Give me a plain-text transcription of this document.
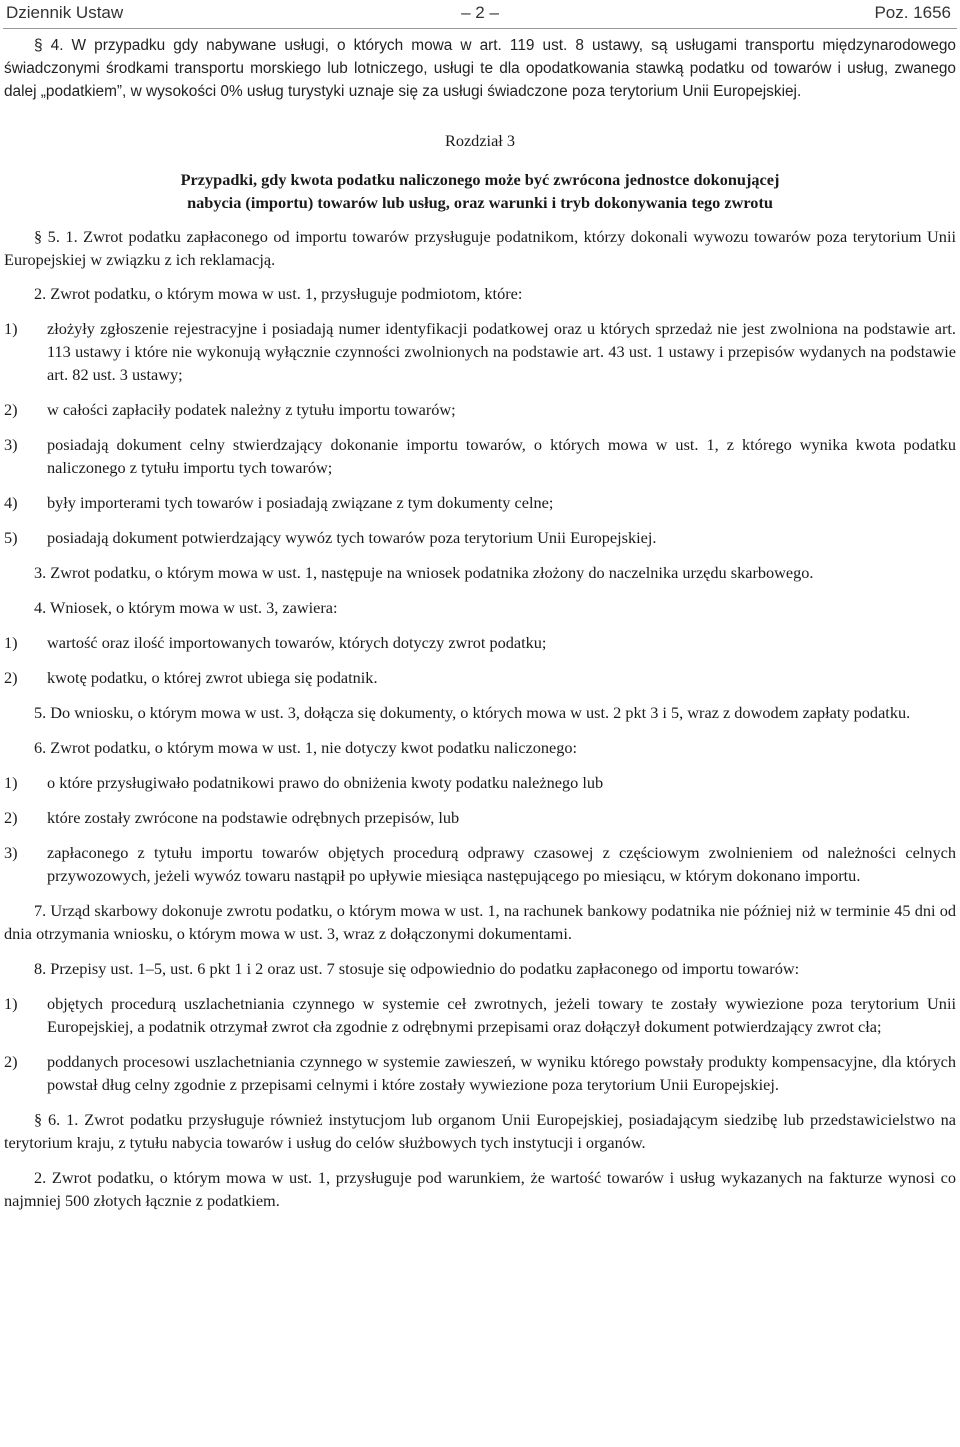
Dziennik Ustaw	– 2 –	Poz. 1656

§ 4. W przypadku gdy nabywane usługi, o których mowa w art. 119 ust. 8 ustawy, są usługami transportu międzynarodowego świadczonymi środkami transportu morskiego lub lotniczego, usługi te dla opodatkowania stawką podatku od towarów i usług, zwanego dalej „podatkiem”, w wysokości 0% usług turystyki uznaje się za usługi świadczone poza terytorium Unii Europejskiej.

Rozdział 3
Przypadki, gdy kwota podatku naliczonego może być zwrócona jednostce dokonującej
nabycia (importu) towarów lub usług, oraz warunki i tryb dokonywania tego zwrotu

§ 5. 1. Zwrot podatku zapłaconego od importu towarów przysługuje podatnikom, którzy dokonali wywozu towarów poza terytorium Unii Europejskiej w związku z ich reklamacją.

2. Zwrot podatku, o którym mowa w ust. 1, przysługuje podmiotom, które:

1) złożyły zgłoszenie rejestracyjne i posiadają numer identyfikacji podatkowej oraz u których sprzedaż nie jest zwolniona na podstawie art. 113 ustawy i które nie wykonują wyłącznie czynności zwolnionych na podstawie art. 43 ust. 1 ustawy i przepisów wydanych na podstawie art. 82 ust. 3 ustawy;
2) w całości zapłaciły podatek należny z tytułu importu towarów;
3) posiadają dokument celny stwierdzający dokonanie importu towarów, o których mowa w ust. 1, z którego wynika kwota podatku naliczonego z tytułu importu tych towarów;
4) były importerami tych towarów i posiadają związane z tym dokumenty celne;
5) posiadają dokument potwierdzający wywóz tych towarów poza terytorium Unii Europejskiej.

3. Zwrot podatku, o którym mowa w ust. 1, następuje na wniosek podatnika złożony do naczelnika urzędu skarbowego.

4. Wniosek, o którym mowa w ust. 3, zawiera:

1) wartość oraz ilość importowanych towarów, których dotyczy zwrot podatku;
2) kwotę podatku, o której zwrot ubiega się podatnik.

5. Do wniosku, o którym mowa w ust. 3, dołącza się dokumenty, o których mowa w ust. 2 pkt 3 i 5, wraz z dowodem zapłaty podatku.

6. Zwrot podatku, o którym mowa w ust. 1, nie dotyczy kwot podatku naliczonego:

1) o które przysługiwało podatnikowi prawo do obniżenia kwoty podatku należnego lub
2) które zostały zwrócone na podstawie odrębnych przepisów, lub
3) zapłaconego z tytułu importu towarów objętych procedurą odprawy czasowej z częściowym zwolnieniem od należności celnych przywozowych, jeżeli wywóz towaru nastąpił po upływie miesiąca następującego po miesiącu, w którym dokonano importu.

7. Urząd skarbowy dokonuje zwrotu podatku, o którym mowa w ust. 1, na rachunek bankowy podatnika nie później niż w terminie 45 dni od dnia otrzymania wniosku, o którym mowa w ust. 3, wraz z dołączonymi dokumentami.

8. Przepisy ust. 1–5, ust. 6 pkt 1 i 2 oraz ust. 7 stosuje się odpowiednio do podatku zapłaconego od importu towarów:

1) objętych procedurą uszlachetniania czynnego w systemie ceł zwrotnych, jeżeli towary te zostały wywiezione poza terytorium Unii Europejskiej, a podatnik otrzymał zwrot cła zgodnie z odrębnymi przepisami oraz dołączył dokument potwierdzający zwrot cła;
2) poddanych procesowi uszlachetniania czynnego w systemie zawieszeń, w wyniku którego powstały produkty kompensacyjne, dla których powstał dług celny zgodnie z przepisami celnymi i które zostały wywiezione poza terytorium Unii Europejskiej.

§ 6. 1. Zwrot podatku przysługuje również instytucjom lub organom Unii Europejskiej, posiadającym siedzibę lub przedstawicielstwo na terytorium kraju, z tytułu nabycia towarów i usług do celów służbowych tych instytucji i organów.

2. Zwrot podatku, o którym mowa w ust. 1, przysługuje pod warunkiem, że wartość towarów i usług wykazanych na fakturze wynosi co najmniej 500 złotych łącznie z podatkiem.
